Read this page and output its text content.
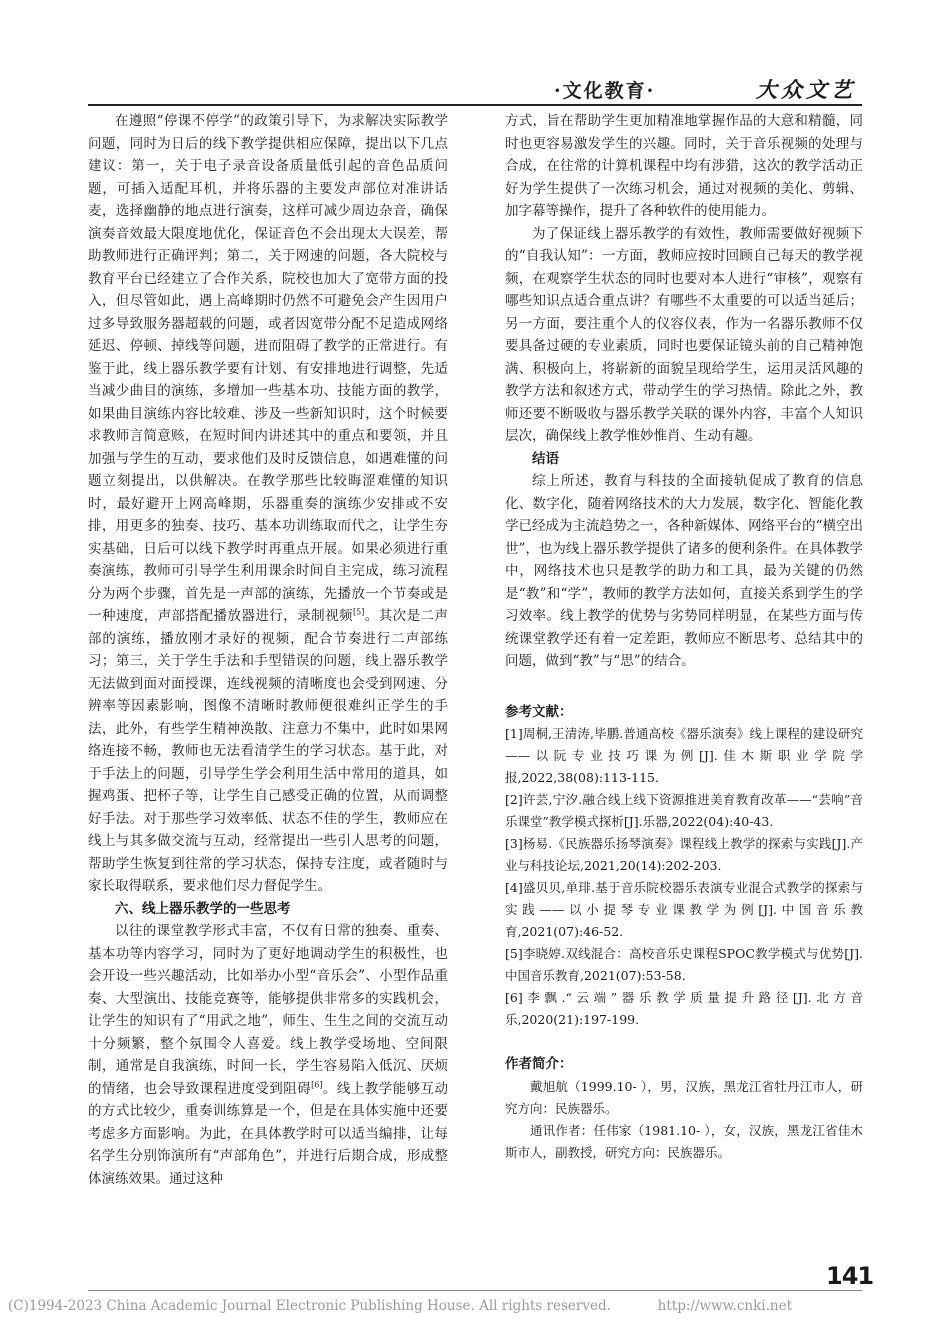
·文化教育·	大众文艺

在遵照“停课不停学”的政策引导下，为求解决实际教学问题，同时为日后的线下教学提供相应保障，提出以下几点建议：第一，关于电子录音设备质量低引起的音色品质问题，可插入适配耳机，并将乐器的主要发声部位对准讲话麦，选择幽静的地点进行演奏，这样可减少周边杂音，确保演奏音效最大限度地优化，保证音色不会出现太大误差，帮助教师进行正确评判；第二，关于网速的问题，各大院校与教育平台已经建立了合作关系，院校也加大了宽带方面的投入，但尽管如此，遇上高峰期时仍然不可避免会产生因用户过多导致服务器超载的问题，或者因宽带分配不足造成网络延迟、停顿、掉线等问题，进而阻碍了教学的正常进行。有鉴于此，线上器乐教学要有计划、有安排地进行调整，先适当减少曲目的演练，多增加一些基本功、技能方面的教学，如果曲目演练内容比较难、涉及一些新知识时，这个时候要求教师言简意赅，在短时间内讲述其中的重点和要领，并且加强与学生的互动，要求他们及时反馈信息，如遇难懂的问题立刻提出，以供解决。在教学那些比较晦涩难懂的知识时，最好避开上网高峰期，乐器重奏的演练少安排或不安排，用更多的独奏、技巧、基本功训练取而代之，让学生夯实基础，日后可以线下教学时再重点开展。如果必须进行重奏演练，教师可引导学生利用课余时间自主完成，练习流程分为两个步骤，首先是一声部的演练，先播放一个节奏或是一种速度，声部搭配播放器进行，录制视频[5]。其次是二声部的演练，播放刚才录好的视频，配合节奏进行二声部练习；第三，关于学生手法和手型错误的问题，线上器乐教学无法做到面对面授课，连线视频的清晰度也会受到网速、分辨率等因素影响，图像不清晰时教师便很难纠正学生的手法，此外，有些学生精神涣散、注意力不集中，此时如果网络连接不畅，教师也无法看清学生的学习状态。基于此，对于手法上的问题，引导学生学会利用生活中常用的道具，如握鸡蛋、把杯子等，让学生自己感受正确的位置，从而调整好手法。对于那些学习效率低、状态不佳的学生，教师应在线上与其多做交流与互动，经常提出一些引人思考的问题，帮助学生恢复到往常的学习状态，保持专注度，或者随时与家长取得联系，要求他们尽力督促学生。

六、线上器乐教学的一些思考

以往的课堂教学形式丰富，不仅有日常的独奏、重奏、基本功等内容学习，同时为了更好地调动学生的积极性，也会开设一些兴趣活动，比如举办小型“音乐会”、小型作品重奏、大型演出、技能竞赛等，能够提供非常多的实践机会，让学生的知识有了“用武之地”，师生、生生之间的交流互动十分频繁，整个氛围令人喜爱。线上教学受场地、空间限制，通常是自我演练，时间一长，学生容易陷入低沉、厌烦的情绪，也会导致课程进度受到阻碍[6]。线上教学能够互动的方式比较少，重奏训练算是一个，但是在具体实施中还要考虑多方面影响。为此，在具体教学时可以适当编排，让每名学生分别饰演所有“声部角色”，并进行后期合成，形成整体演练效果。通过这种

方式，旨在帮助学生更加精准地掌握作品的大意和精髓，同时也更容易激发学生的兴趣。同时，关于音乐视频的处理与合成，在往常的计算机课程中均有涉猎，这次的教学活动正好为学生提供了一次练习机会，通过对视频的美化、剪辑、加字幕等操作，提升了各种软件的使用能力。

为了保证线上器乐教学的有效性，教师需要做好视频下的“自我认知”：一方面，教师应按时回顾自己每天的教学视频，在观察学生状态的同时也要对本人进行“审核”，观察有哪些知识点适合重点讲？有哪些不太重要的可以适当延后；另一方面，要注重个人的仪容仪表，作为一名器乐教师不仅要具备过硬的专业素质，同时也要保证镜头前的自己精神饱满、积极向上，将崭新的面貌呈现给学生，运用灵活风趣的教学方法和叙述方式，带动学生的学习热情。除此之外，教师还要不断吸收与器乐教学关联的课外内容，丰富个人知识层次，确保线上教学惟妙惟肖、生动有趣。

结语

综上所述，教育与科技的全面接轨促成了教育的信息化、数字化，随着网络技术的大力发展，数字化、智能化教学已经成为主流趋势之一，各种新媒体、网络平台的“横空出世”，也为线上器乐教学提供了诸多的便利条件。在具体教学中，网络技术也只是教学的助力和工具，最为关键的仍然是“教”和“学”，教师的教学方法如何，直接关系到学生的学习效率。线上教学的优势与劣势同样明显，在某些方面与传统课堂教学还有着一定差距，教师应不断思考、总结其中的问题，做到“教”与“思”的结合。

参考文献：

[1]周桐,王清涛,毕鹏.普通高校《器乐演奏》线上课程的建设研究——以阮专业技巧课为例[J].佳木斯职业学院学报,2022,38(08):113-115.

[2]许芸,宁汐.融合线上线下资源推进美育教育改革——“芸响”音乐课堂”教学模式探析[J].乐器,2022(04):40-43.

[3]杨易.《民族器乐扬琴演奏》课程线上教学的探索与实践[J].产业与科技论坛,2021,20(14):202-203.

[4]盛贝贝,单琲.基于音乐院校器乐表演专业混合式教学的探索与实践——以小提琴专业课教学为例[J].中国音乐教育,2021(07):46-52.

[5]李晓婷.双线混合：高校音乐史课程SPOC教学模式与优势[J].中国音乐教育,2021(07):53-58.

[6]李飘.“云端”器乐教学质量提升路径[J].北方音乐,2020(21):197-199.

作者简介：

戴旭航（1999.10- ），男，汉族，黑龙江省牡丹江市人，研究方向：民族器乐。

通讯作者：任伟家（1981.10- ），女，汉族，黑龙江省佳木斯市人，副教授，研究方向：民族器乐。

141
(C)1994-2023 China Academic Journal Electronic Publishing House. All rights reserved.	http://www.cnki.net
